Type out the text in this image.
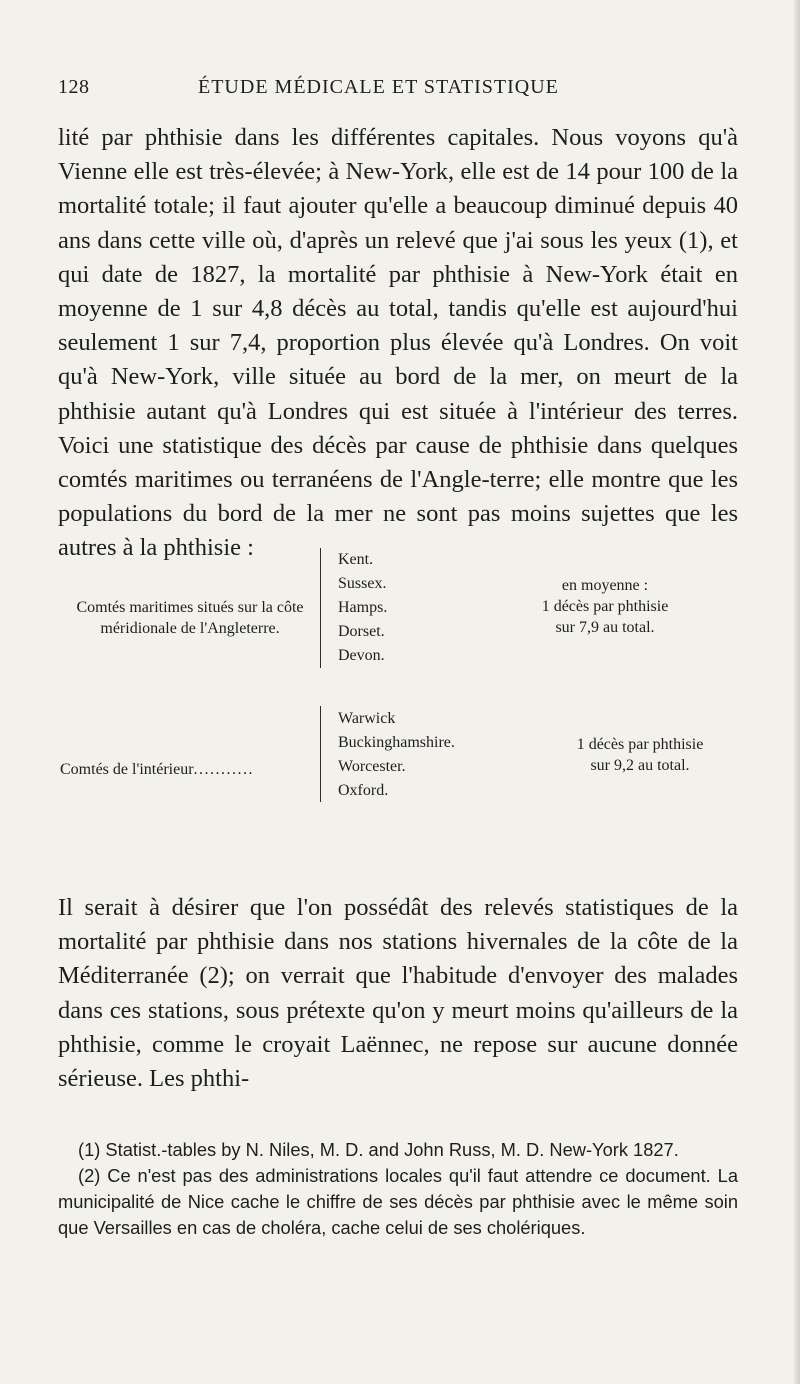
128	ÉTUDE MÉDICALE ET STATISTIQUE

lité par phthisie dans les différentes capitales. Nous voyons qu'à Vienne elle est très-élevée; à New-York, elle est de 14 pour 100 de la mortalité totale; il faut ajouter qu'elle a beaucoup diminué depuis 40 ans dans cette ville où, d'après un relevé que j'ai sous les yeux (1), et qui date de 1827, la mortalité par phthisie à New-York était en moyenne de 1 sur 4,8 décès au total, tandis qu'elle est aujourd'hui seulement 1 sur 7,4, proportion plus élevée qu'à Londres. On voit qu'à New-York, ville située au bord de la mer, on meurt de la phthisie autant qu'à Londres qui est située à l'intérieur des terres. Voici une statistique des décès par cause de phthisie dans quelques comtés maritimes ou terranéens de l'Angle-terre; elle montre que les populations du bord de la mer ne sont pas moins sujettes que les autres à la phthisie :

Comtés maritimes situés sur la côte
méridionale de l'Angleterre.
Kent.
Sussex.
Hamps.
Dorset.
Devon.
en moyenne :
1 décès par phthisie
sur 7,9 au total.
Comtés de l'intérieur...........
Warwick
Buckinghamshire.
Worcester.
Oxford.
1 décès par phthisie
sur 9,2 au total.

Il serait à désirer que l'on possédât des relevés statistiques de la mortalité par phthisie dans nos stations hivernales de la côte de la Méditerranée (2); on verrait que l'habitude d'envoyer des malades dans ces stations, sous prétexte qu'on y meurt moins qu'ailleurs de la phthisie, comme le croyait Laënnec, ne repose sur aucune donnée sérieuse. Les phthi-

(1) Statist.-tables by N. Niles, M. D. and John Russ, M. D. New-York 1827.

(2) Ce n'est pas des administrations locales qu'il faut attendre ce document. La municipalité de Nice cache le chiffre de ses décès par phthisie avec le même soin que Versailles en cas de choléra, cache celui de ses cholériques.
